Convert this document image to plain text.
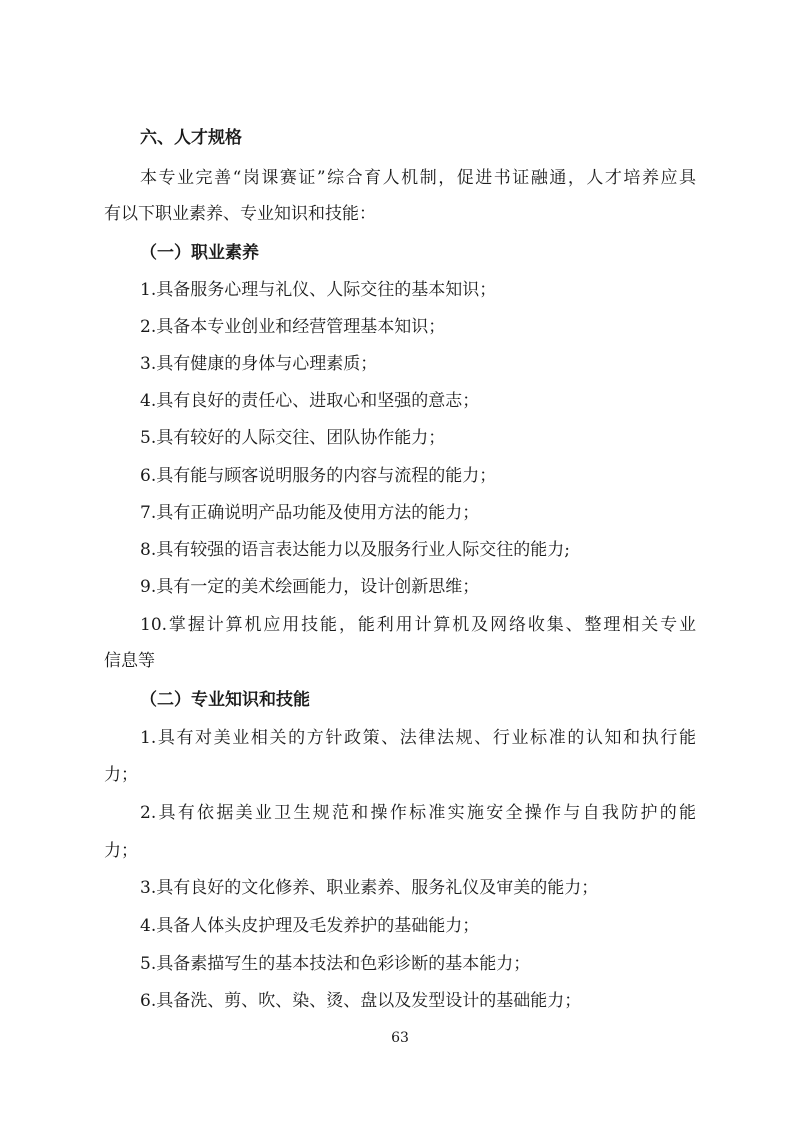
六、人才规格
本专业完善“岗课赛证”综合育人机制，促进书证融通，人才培养应具
有以下职业素养、专业知识和技能：
（一）职业素养
1.具备服务心理与礼仪、人际交往的基本知识；
2.具备本专业创业和经营管理基本知识；
3.具有健康的身体与心理素质；
4.具有良好的责任心、进取心和坚强的意志；
5.具有较好的人际交往、团队协作能力；
6.具有能与顾客说明服务的内容与流程的能力；
7.具有正确说明产品功能及使用方法的能力；
8.具有较强的语言表达能力以及服务行业人际交往的能力;
9.具有一定的美术绘画能力，设计创新思维；
10.掌握计算机应用技能，能利用计算机及网络收集、整理相关专业
信息等
（二）专业知识和技能
1.具有对美业相关的方针政策、法律法规、行业标准的认知和执行能
力；
2.具有依据美业卫生规范和操作标准实施安全操作与自我防护的能
力；
3.具有良好的文化修养、职业素养、服务礼仪及审美的能力；
4.具备人体头皮护理及毛发养护的基础能力；
5.具备素描写生的基本技法和色彩诊断的基本能力；
6.具备洗、剪、吹、染、烫、盘以及发型设计的基础能力；
63
